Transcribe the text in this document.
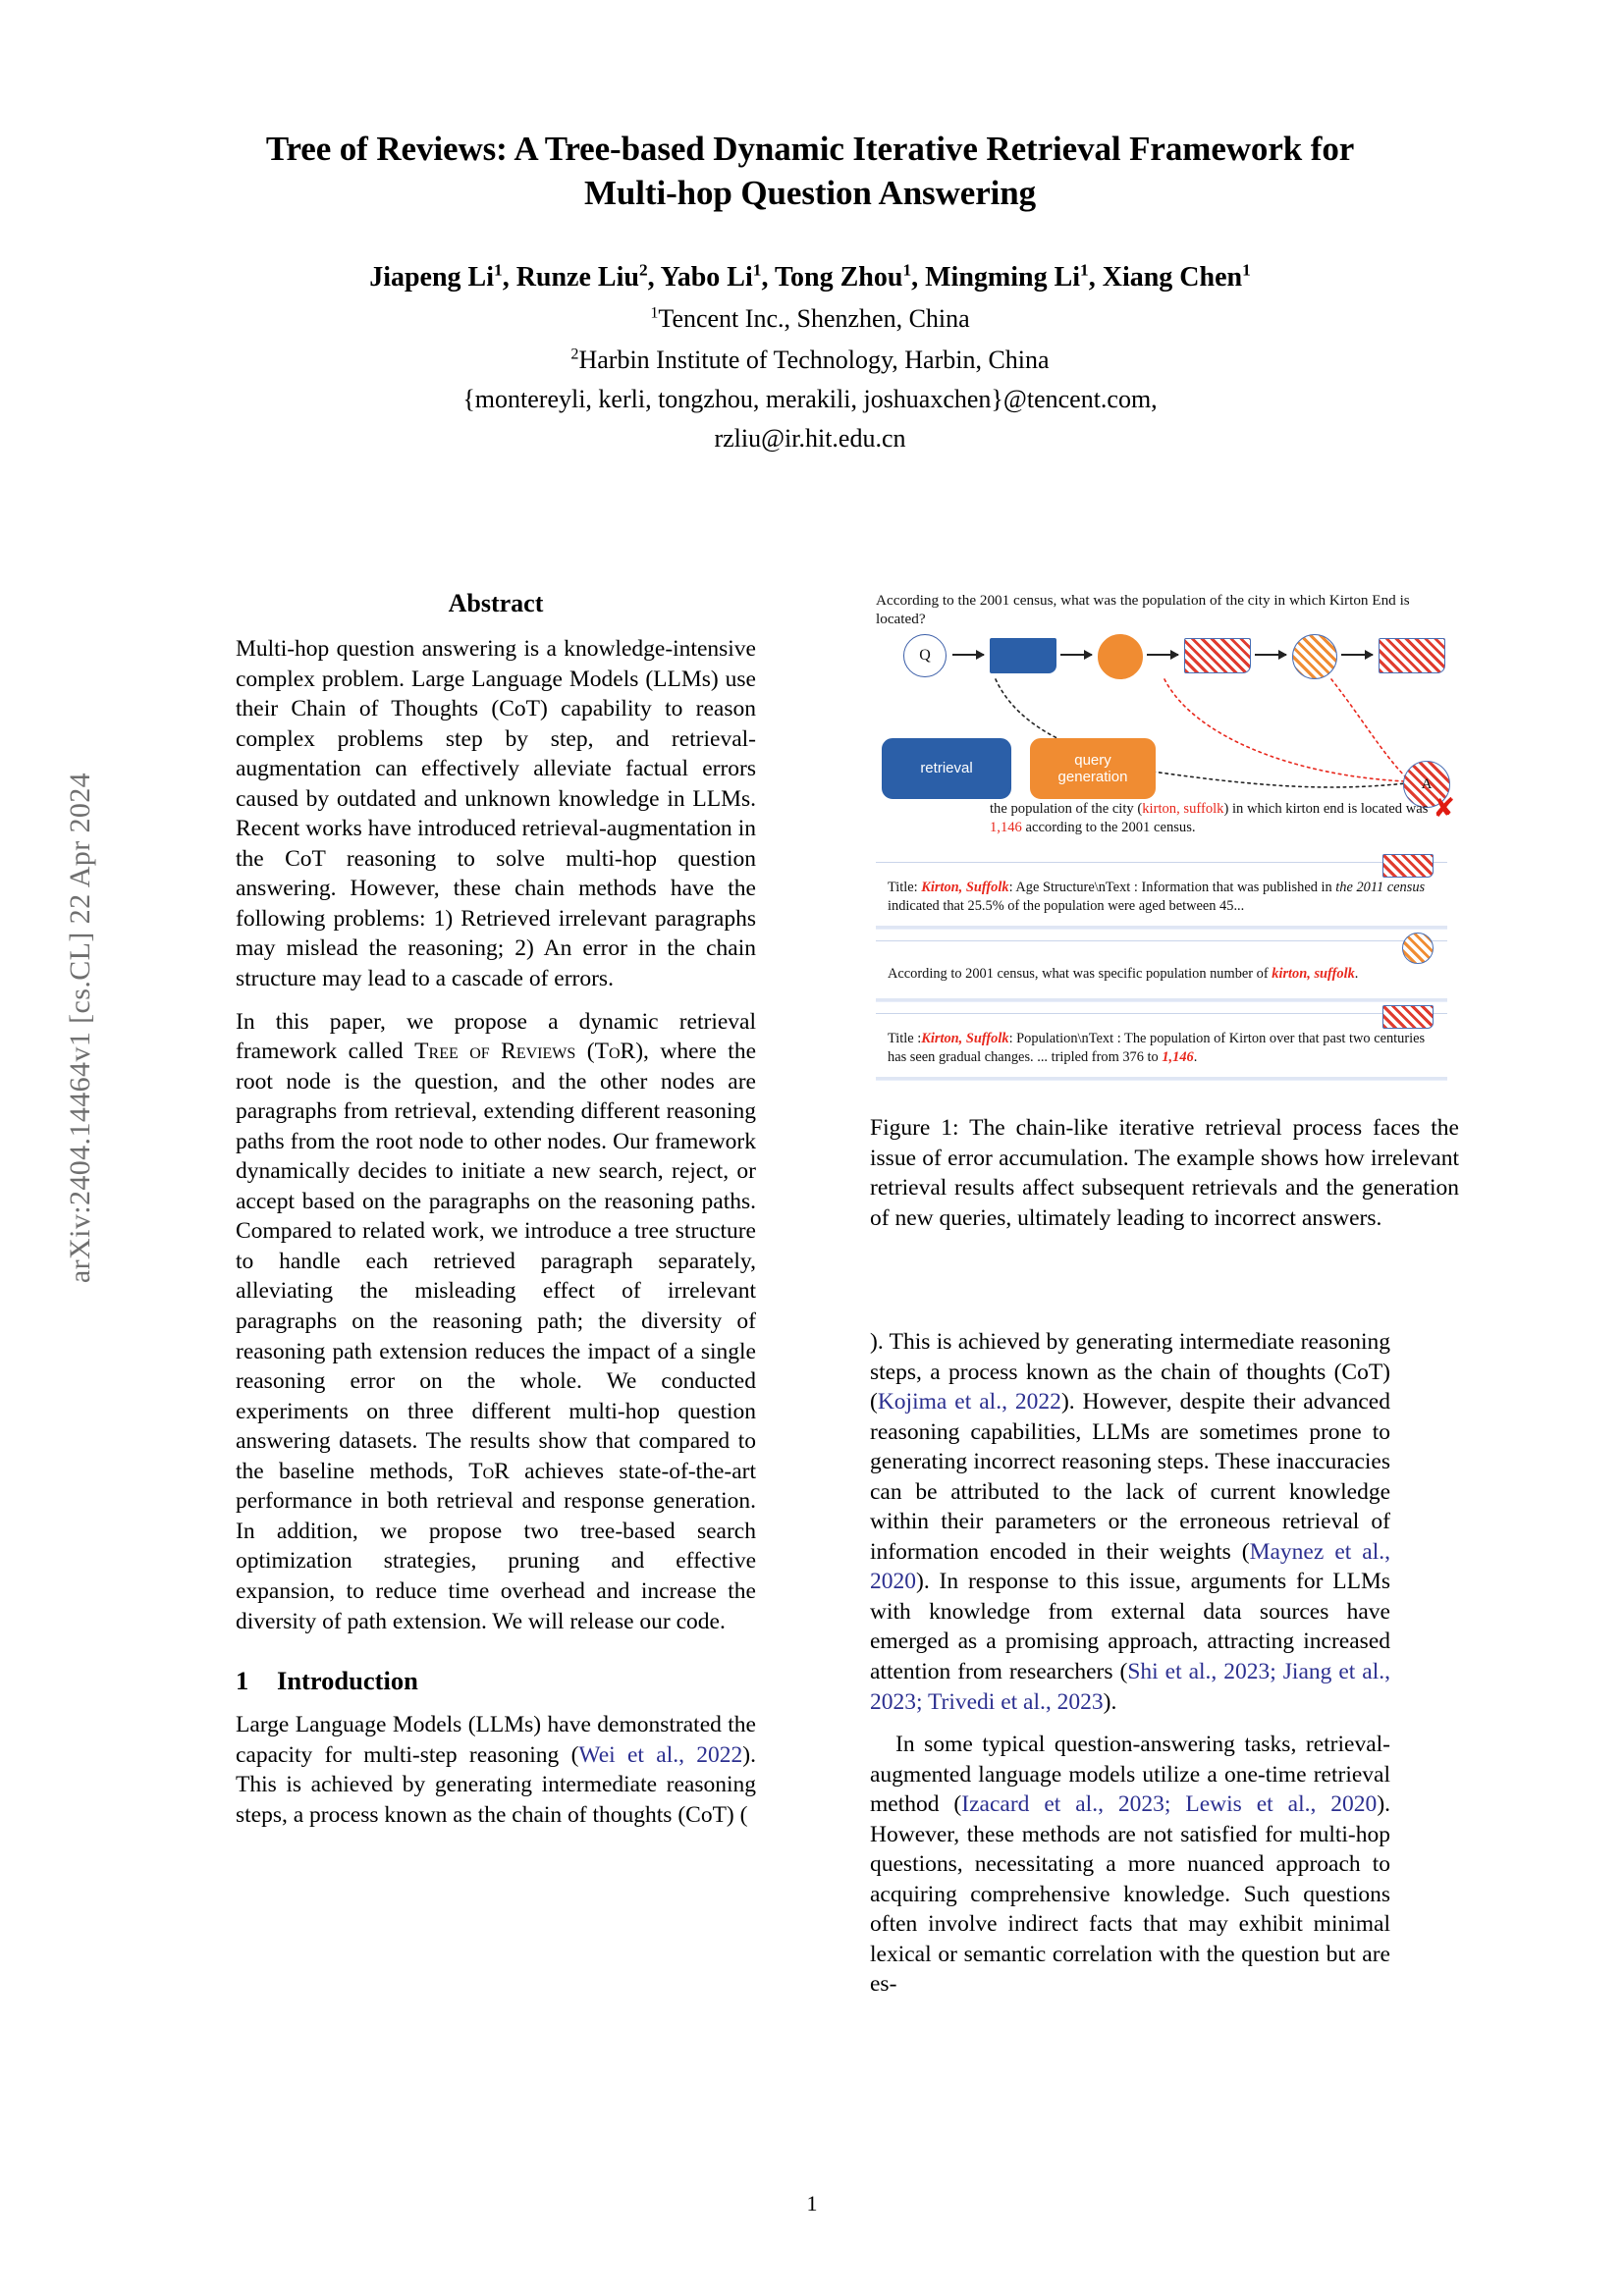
arXiv:2404.14464v1 [cs.CL] 22 Apr 2024
Tree of Reviews: A Tree-based Dynamic Iterative Retrieval Framework for
Multi-hop Question Answering
Jiapeng Li$^1$, Runze Liu$^2$, Yabo Li$^1$, Tong Zhou$^1$, Mingming Li$^1$, Xiang Chen$^1$
$^1$Tencent Inc., Shenzhen, China
$^2$Harbin Institute of Technology, Harbin, China
{montereyli, kerli, tongzhou, merakili, joshuaxchen}@tencent.com,
rzliu@ir.hit.edu.cn
Abstract

Multi-hop question answering is a knowledge-intensive complex problem. Large Language Models (LLMs) use their Chain of Thoughts (CoT) capability to reason complex problems step by step, and retrieval-augmentation can effectively alleviate factual errors caused by outdated and unknown knowledge in LLMs. Recent works have introduced retrieval-augmentation in the CoT reasoning to solve multi-hop question answering. However, these chain methods have the following problems: 1) Retrieved irrelevant paragraphs may mislead the reasoning; 2) An error in the chain structure may lead to a cascade of errors.

In this paper, we propose a dynamic retrieval framework called Tree of Reviews (ToR), where the root node is the question, and the other nodes are paragraphs from retrieval, extending different reasoning paths from the root node to other nodes. Our framework dynamically decides to initiate a new search, reject, or accept based on the paragraphs on the reasoning paths. Compared to related work, we introduce a tree structure to handle each retrieved paragraph separately, alleviating the misleading effect of irrelevant paragraphs on the reasoning path; the diversity of reasoning path extension reduces the impact of a single reasoning error on the whole. We conducted experiments on three different multi-hop question answering datasets. The results show that compared to the baseline methods, ToR achieves state-of-the-art performance in both retrieval and response generation. In addition, we propose two tree-based search optimization strategies, pruning and effective expansion, to reduce time overhead and increase the diversity of path extension. We will release our code.

1 Introduction

Large Language Models (LLMs) have demonstrated the capacity for multi-step reasoning (Wei et al., 2022). This is achieved by generating intermediate reasoning steps, a process known as the chain of thoughts (CoT) (

According to the 2001 census, what was the population of the city in which Kirton End is located?
Q
retrieval
query
generation	A
✘
the population of the city (kirton, suffolk) in which kirton end is located was 1,146 according to the 2001 census.
Title: Kirton, Suffolk: Age Structure\nText : Information that was published in the 2011 census indicated that 25.5% of the population were aged between 45...
According to 2001 census, what was specific population number of kirton, suffolk.
Title :Kirton, Suffolk: Population\nText : The population of Kirton over that past two centuries has seen gradual changes. ... tripled from 376 to 1,146.
Figure 1: The chain-like iterative retrieval process faces the issue of error accumulation. The example shows how irrelevant retrieval results affect subsequent retrievals and the generation of new queries, ultimately leading to incorrect answers.

). This is achieved by generating intermediate reasoning steps, a process known as the chain of thoughts (CoT) (Kojima et al., 2022). However, despite their advanced reasoning capabilities, LLMs are sometimes prone to generating incorrect reasoning steps. These inaccuracies can be attributed to the lack of current knowledge within their parameters or the erroneous retrieval of information encoded in their weights (Maynez et al., 2020). In response to this issue, arguments for LLMs with knowledge from external data sources have emerged as a promising approach, attracting increased attention from researchers (Shi et al., 2023; Jiang et al., 2023; Trivedi et al., 2023).

In some typical question-answering tasks, retrieval-augmented language models utilize a one-time retrieval method (Izacard et al., 2023; Lewis et al., 2020). However, these methods are not satisfied for multi-hop questions, necessitating a more nuanced approach to acquiring comprehensive knowledge. Such questions often involve indirect facts that may exhibit minimal lexical or semantic correlation with the question but are es-

1
